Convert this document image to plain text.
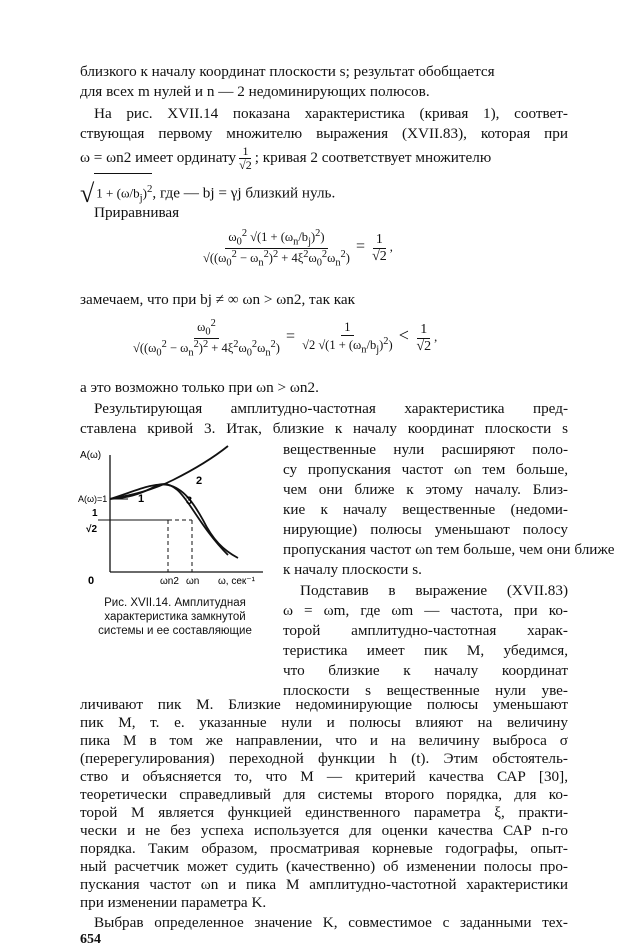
близкого к началу координат плоскости s; результат обобщается
для всех m нулей и n — 2 недоминирующих полюсов.
На рис. XVII.14 показана характеристика (кривая 1), соответ-
ствующая первому множителю выражения (XVII.83), которая при
ω = ωn2 имеет ординату $\frac{1}{√2}$ ; кривая 2 соответствует множителю
√ $1 + (\omega/b_j)^2$, где — bj = γj близкий нуль.
Приравнивая
$\frac{\omega_0^2 √(1 + (\omega_n/b_j)^2)}{√((\omega_0^2 - \omega_n^2)^2 + 4\xi^2\omega_0^2\omega_n^2)} = \frac{1}{√2}$ ,
замечаем, что при bj ≠ ∞ ωn > ωn2, так как
$\frac{\omega_0^2}{√((\omega_0^2 - \omega_n^2)^2 + 4\xi^2\omega_0^2\omega_n^2)} = \frac{1}{√2 √(1 + (\omega_n/b_j)^2)} < \frac{1}{√2}$ ,
а это возможно только при ωn > ωn2.
Результирующая амплитудно-частотная характеристика пред-
ставлена кривой 3. Итак, близкие к началу координат плоскости s
A(ω)
A(ω)=1
1
√2
0	ωn2 ωn ω, сек⁻¹
1
2
3
Рис. XVII.14. Амплитудная характеристика замкнутой системы и ее составляющие
вещественные нули расширяют поло-
су пропускания частот ωn тем больше,
чем они ближе к этому началу. Близ-
кие к началу вещественные (недоми-
нирующие) полюсы уменьшают полосу
пропускания частот ωn тем больше, чем они ближе
к началу плоскости s.
Подставив в выражение (XVII.83)
ω = ωm, где ωm — частота, при ко-
торой амплитудно-частотная харак-
теристика имеет пик M, убедимся,
что близкие к началу координат
плоскости s вещественные нули уве-
личивают пик M. Близкие недоминирующие полюсы уменьшают
пик M, т. е. указанные нули и полюсы влияют на величину
пика M в том же направлении, что и на величину выброса σ
(перерегулирования) переходной функции h (t). Этим обстоятель-
ство и объясняется то, что M — критерий качества САР [30],
теоретически справедливый для системы второго порядка, для ко-
торой M является функцией единственного параметра ξ, практи-
чески и не без успеха используется для оценки качества САР n-го
порядка. Таким образом, просматривая корневые годографы, опыт-
ный расчетчик может судить (качественно) об изменении полосы про-
654
пускания частот ωn и пика M амплитудно-частотной характеристики
при изменении параметра K.
Выбрав определенное значение K, совместимое с заданными тех-
